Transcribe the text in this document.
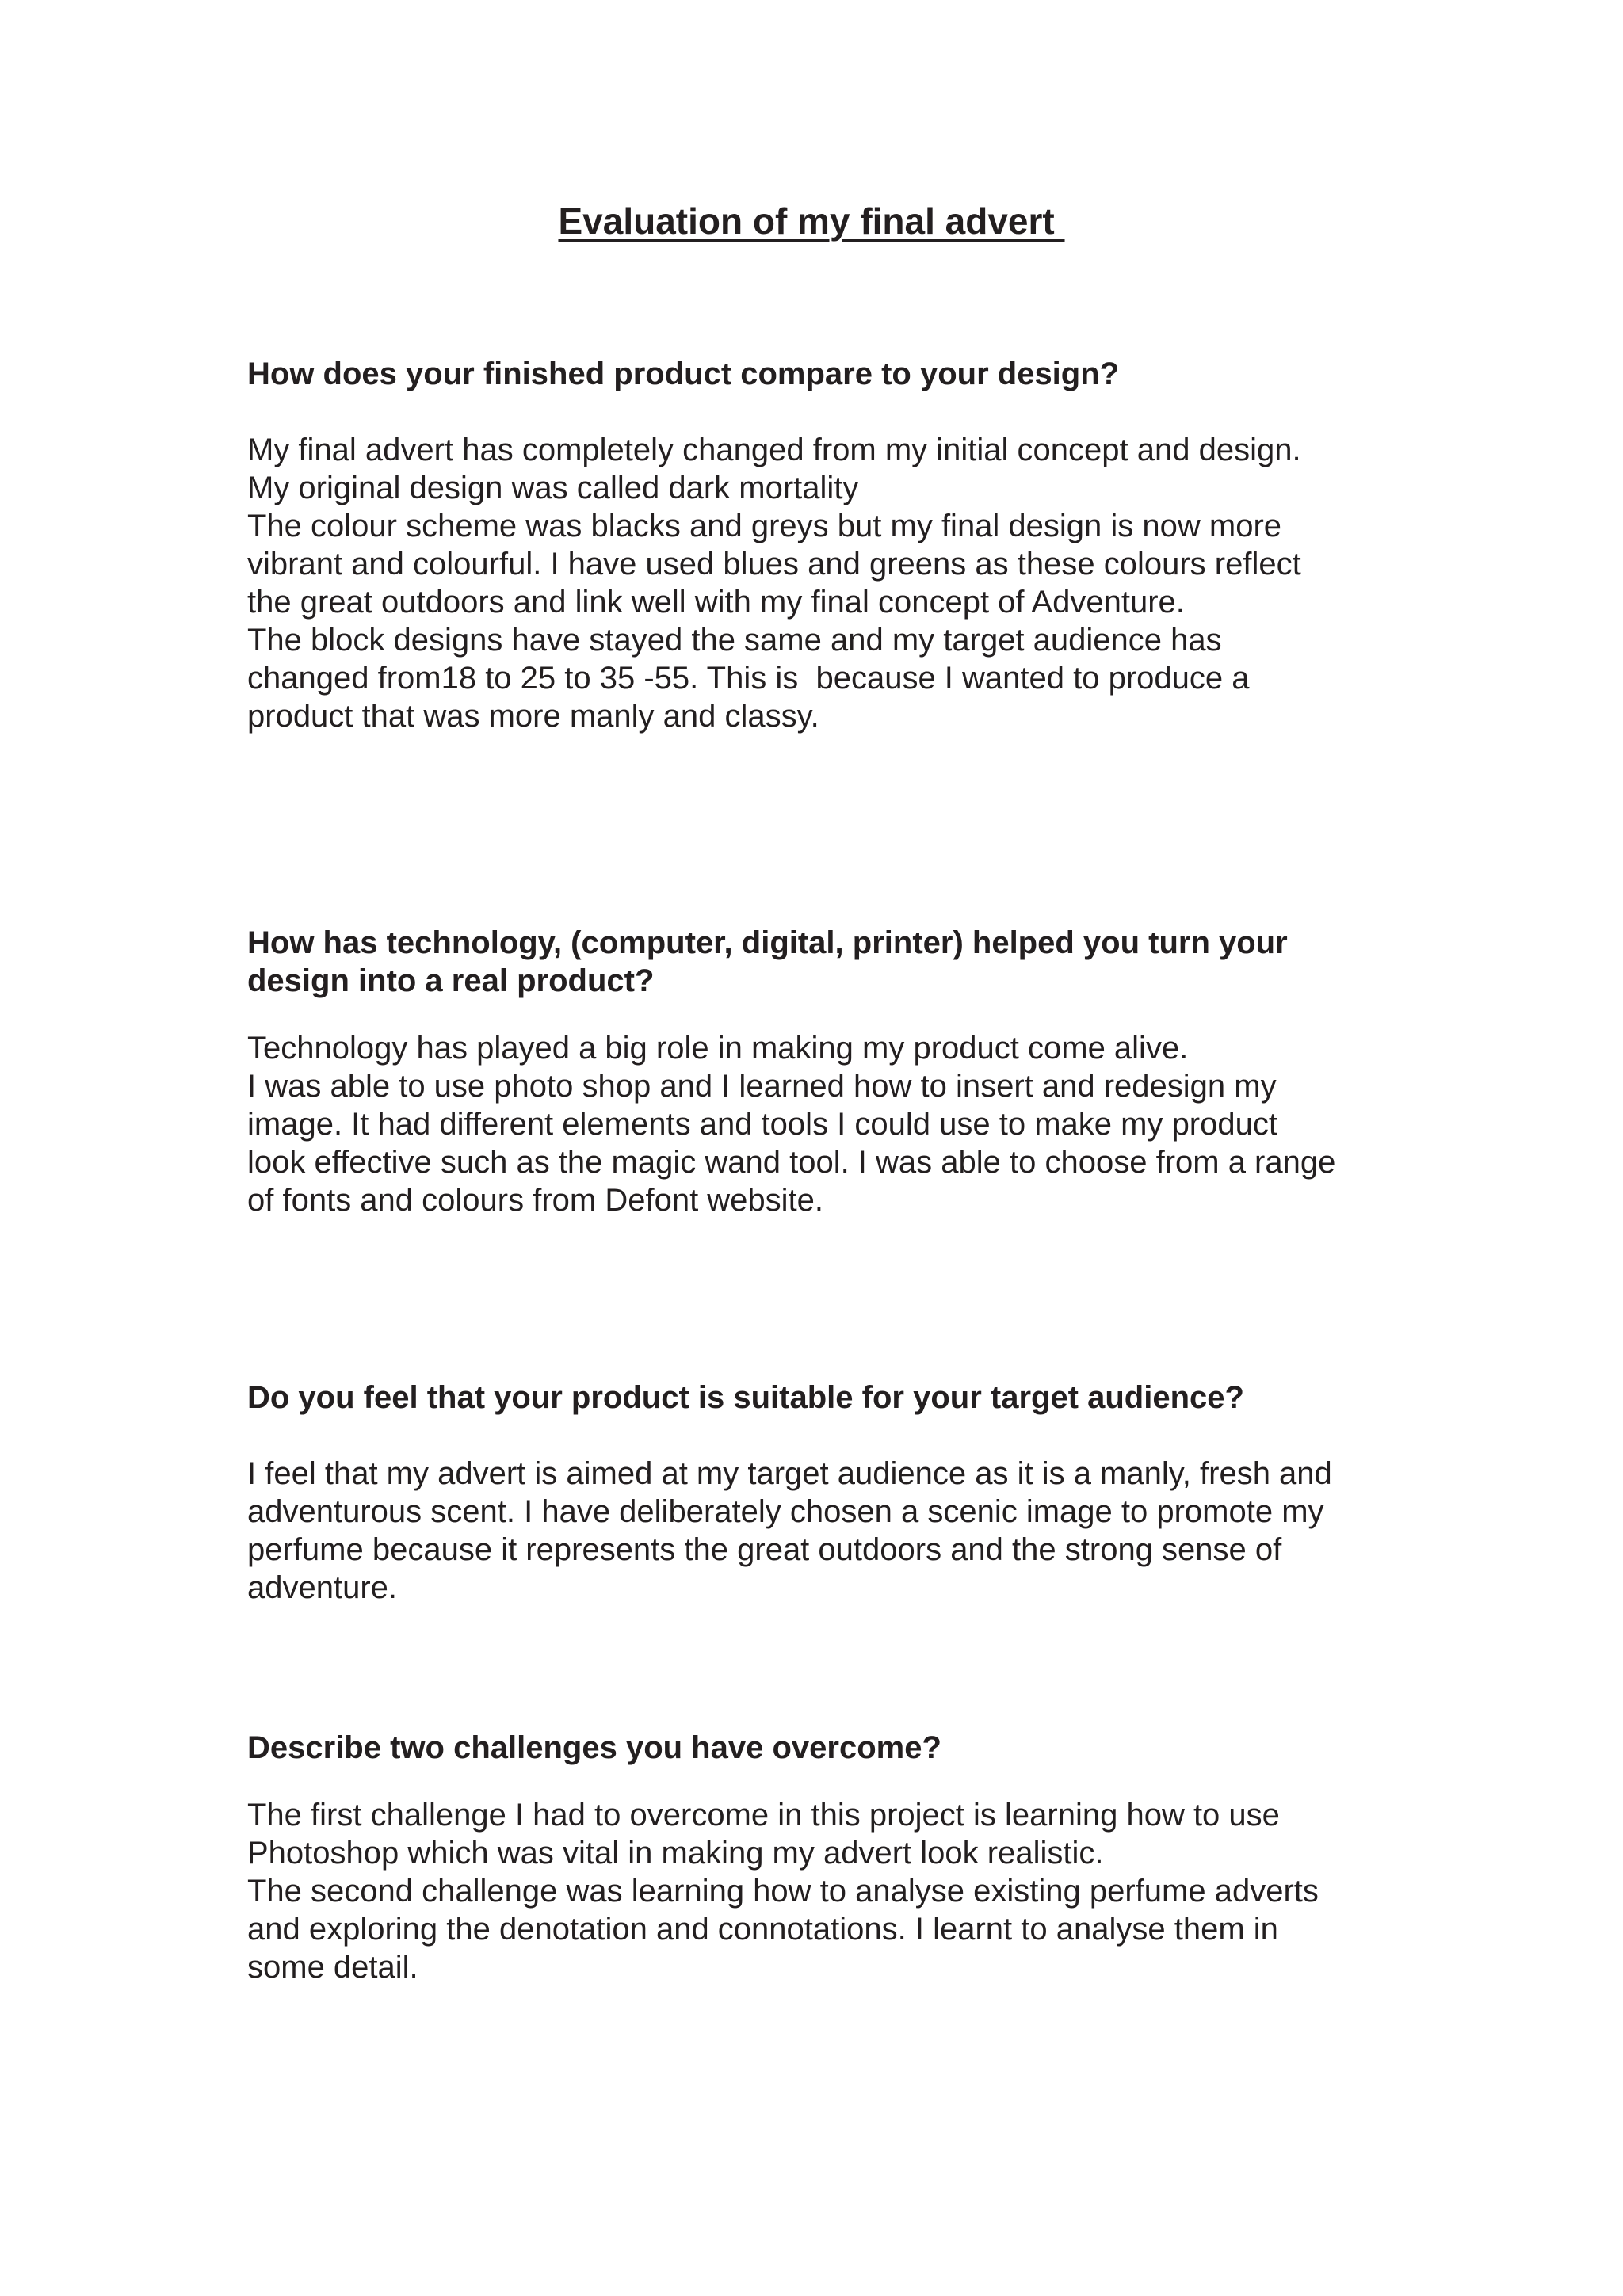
Evaluation of my final advert

How does your finished product compare to your design?

My final advert has completely changed from my initial concept and design.
My original design was called dark mortality
The colour scheme was blacks and greys but my final design is now more
vibrant and colourful. I have used blues and greens as these colours reflect
the great outdoors and link well with my final concept of Adventure.
The block designs have stayed the same and my target audience has
changed from18 to 25 to 35 -55. This is  because I wanted to produce a
product that was more manly and classy.

How has technology, (computer, digital, printer) helped you turn your
design into a real product?

Technology has played a big role in making my product come alive.
I was able to use photo shop and I learned how to insert and redesign my
image. It had different elements and tools I could use to make my product
look effective such as the magic wand tool. I was able to choose from a range
of fonts and colours from Defont website.

Do you feel that your product is suitable for your target audience?

I feel that my advert is aimed at my target audience as it is a manly, fresh and
adventurous scent. I have deliberately chosen a scenic image to promote my
perfume because it represents the great outdoors and the strong sense of
adventure.

Describe two challenges you have overcome?

The first challenge I had to overcome in this project is learning how to use
Photoshop which was vital in making my advert look realistic.
The second challenge was learning how to analyse existing perfume adverts
and exploring the denotation and connotations. I learnt to analyse them in
some detail.
